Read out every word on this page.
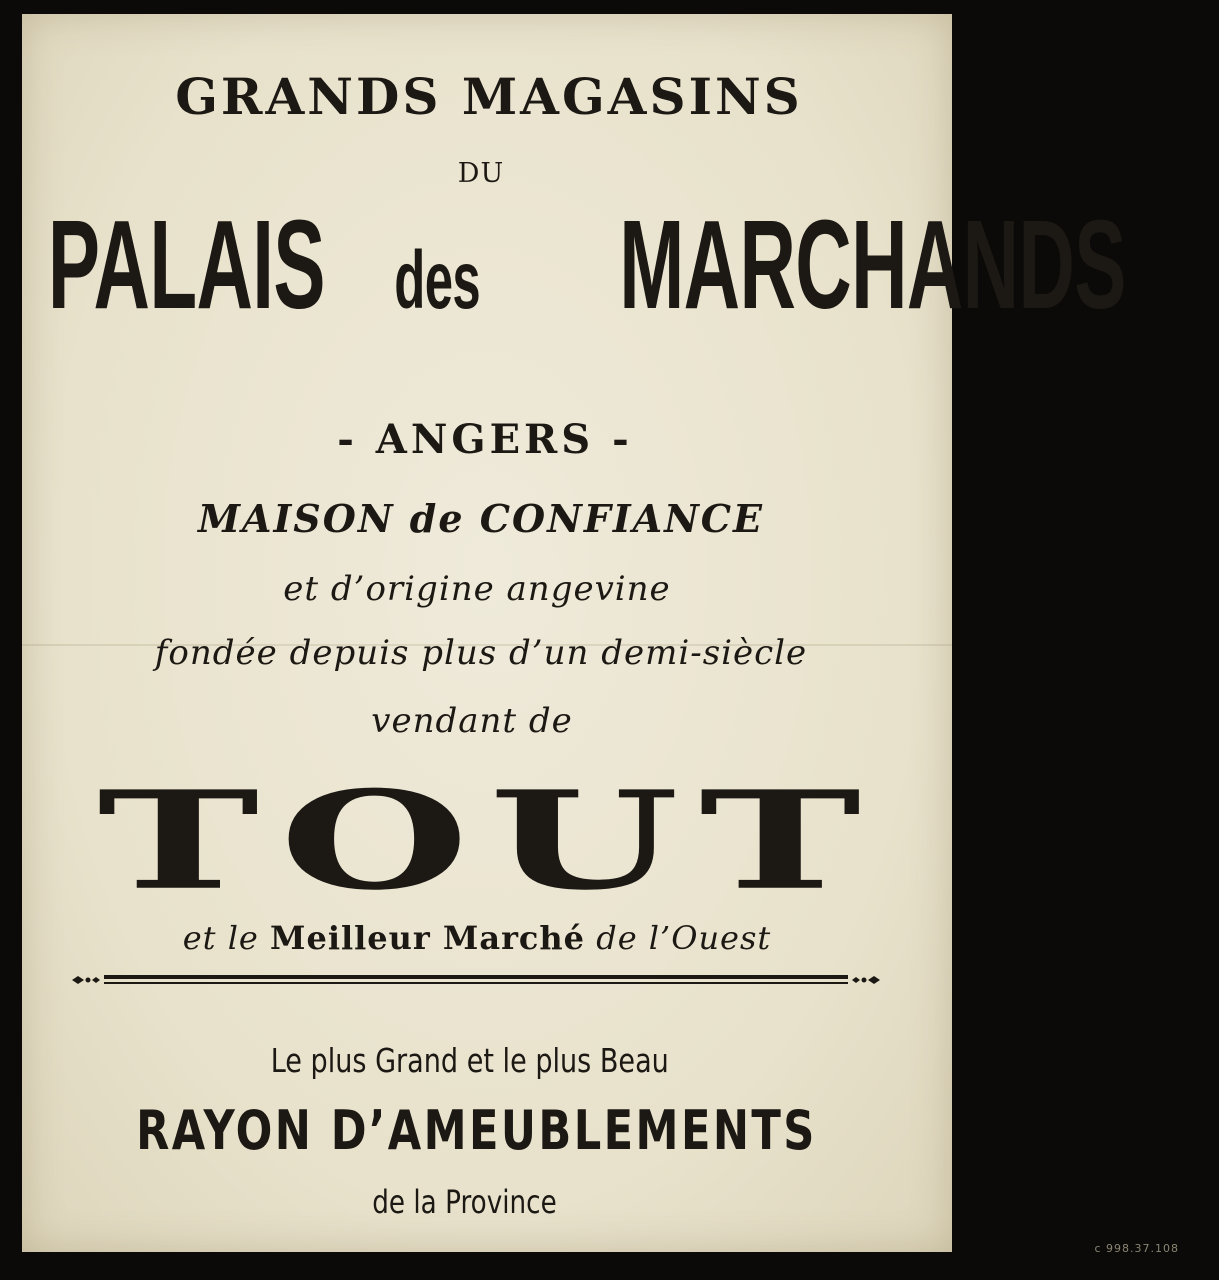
GRANDS MAGASINS
DU
PALAIS des MARCHANDS
- ANGERS -
MAISON de CONFIANCE
et d’origine angevine
fondée depuis plus d’un demi-siècle
vendant de
TOUT
et le Meilleur Marché de l’Ouest
Le plus Grand et le plus Beau
RAYON D’AMEUBLEMENTS
de la Province
c 998.37.108
